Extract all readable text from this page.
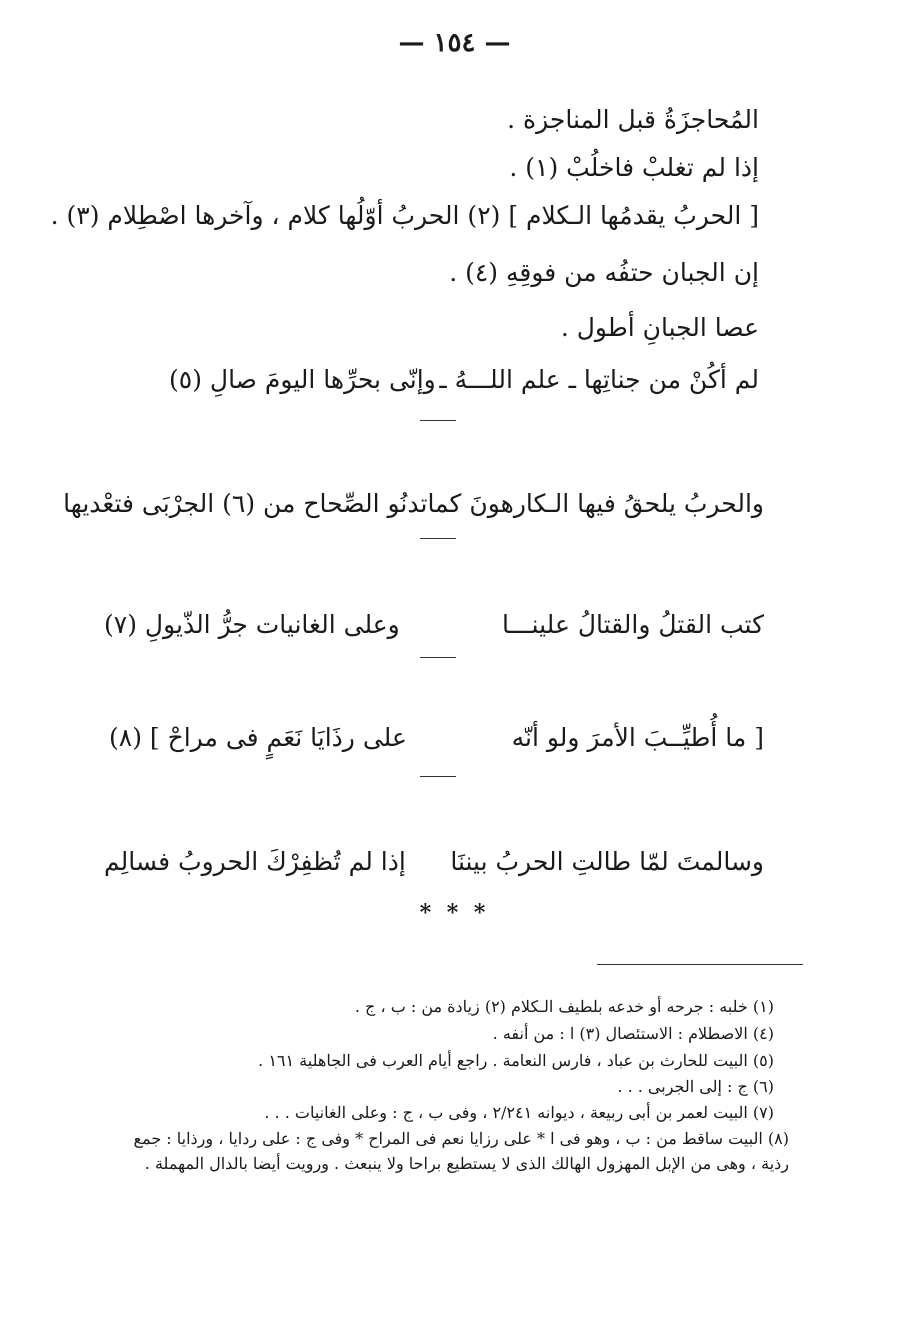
— ١٥٤ —
المُحاجزَةُ قبل المناجزة .
إذا لم تغلبْ فاخلُبْ (١) .
[ الحربُ يقدمُها الـكلام ] (٢) الحربُ أوّلُها كلام ، وآخرها اصْطِلام (٣) .
إن الجبان حتفُه من فوقِهِ (٤) .
عصا الجبانِ أطول .
لم أكُنْ من جناتِها ـ علم اللـــهُ ـ
وإنّى بحرِّها اليومَ صالِ (٥)
والحربُ يلحقُ فيها الـكارهونَ كما
تدنُو الصِّحاح من (٦) الجرْبَى فتعْديها
كتب القتلُ والقتالُ علينـــا
وعلى الغانيات جرُّ الذّيولِ (٧)
[ ما أُطيِّــبَ الأمرَ ولو أنّه
على رذَايَا نَعَمٍ فى مراحْ ] (٨)
وسالمتَ لمّا طالتِ الحربُ بيننَا
إذا لم تُظفِرْكَ الحروبُ فسالِم
* * *
(١) خلبه : جرحه أو خدعه بلطيف الـكلام (٢) زيادة من : ب ، ج .
(٤) الاصطلام : الاستئصال (٣) ا : من أنفه .
(٥) البيت للحارث بن عباد ، فارس النعامة . راجع أيام العرب فى الجاهلية ١٦١ .
(٦) ج : إلى الجربى . . .
(٧) البيت لعمر بن أبى ربيعة ، ديوانه ٢/٢٤١ ، وفى ب ، ج : وعلى الغانيات . . .
(٨) البيت ساقط من : ب ، وهو فى ا * على رزايا نعم فى المراح * وفى ج : على ردايا ، ورذايا : جمع
رذية ، وهى من الإبل المهزول الهالك الذى لا يستطيع براحا ولا ينبعث . ورويت أيضا بالدال المهملة .
